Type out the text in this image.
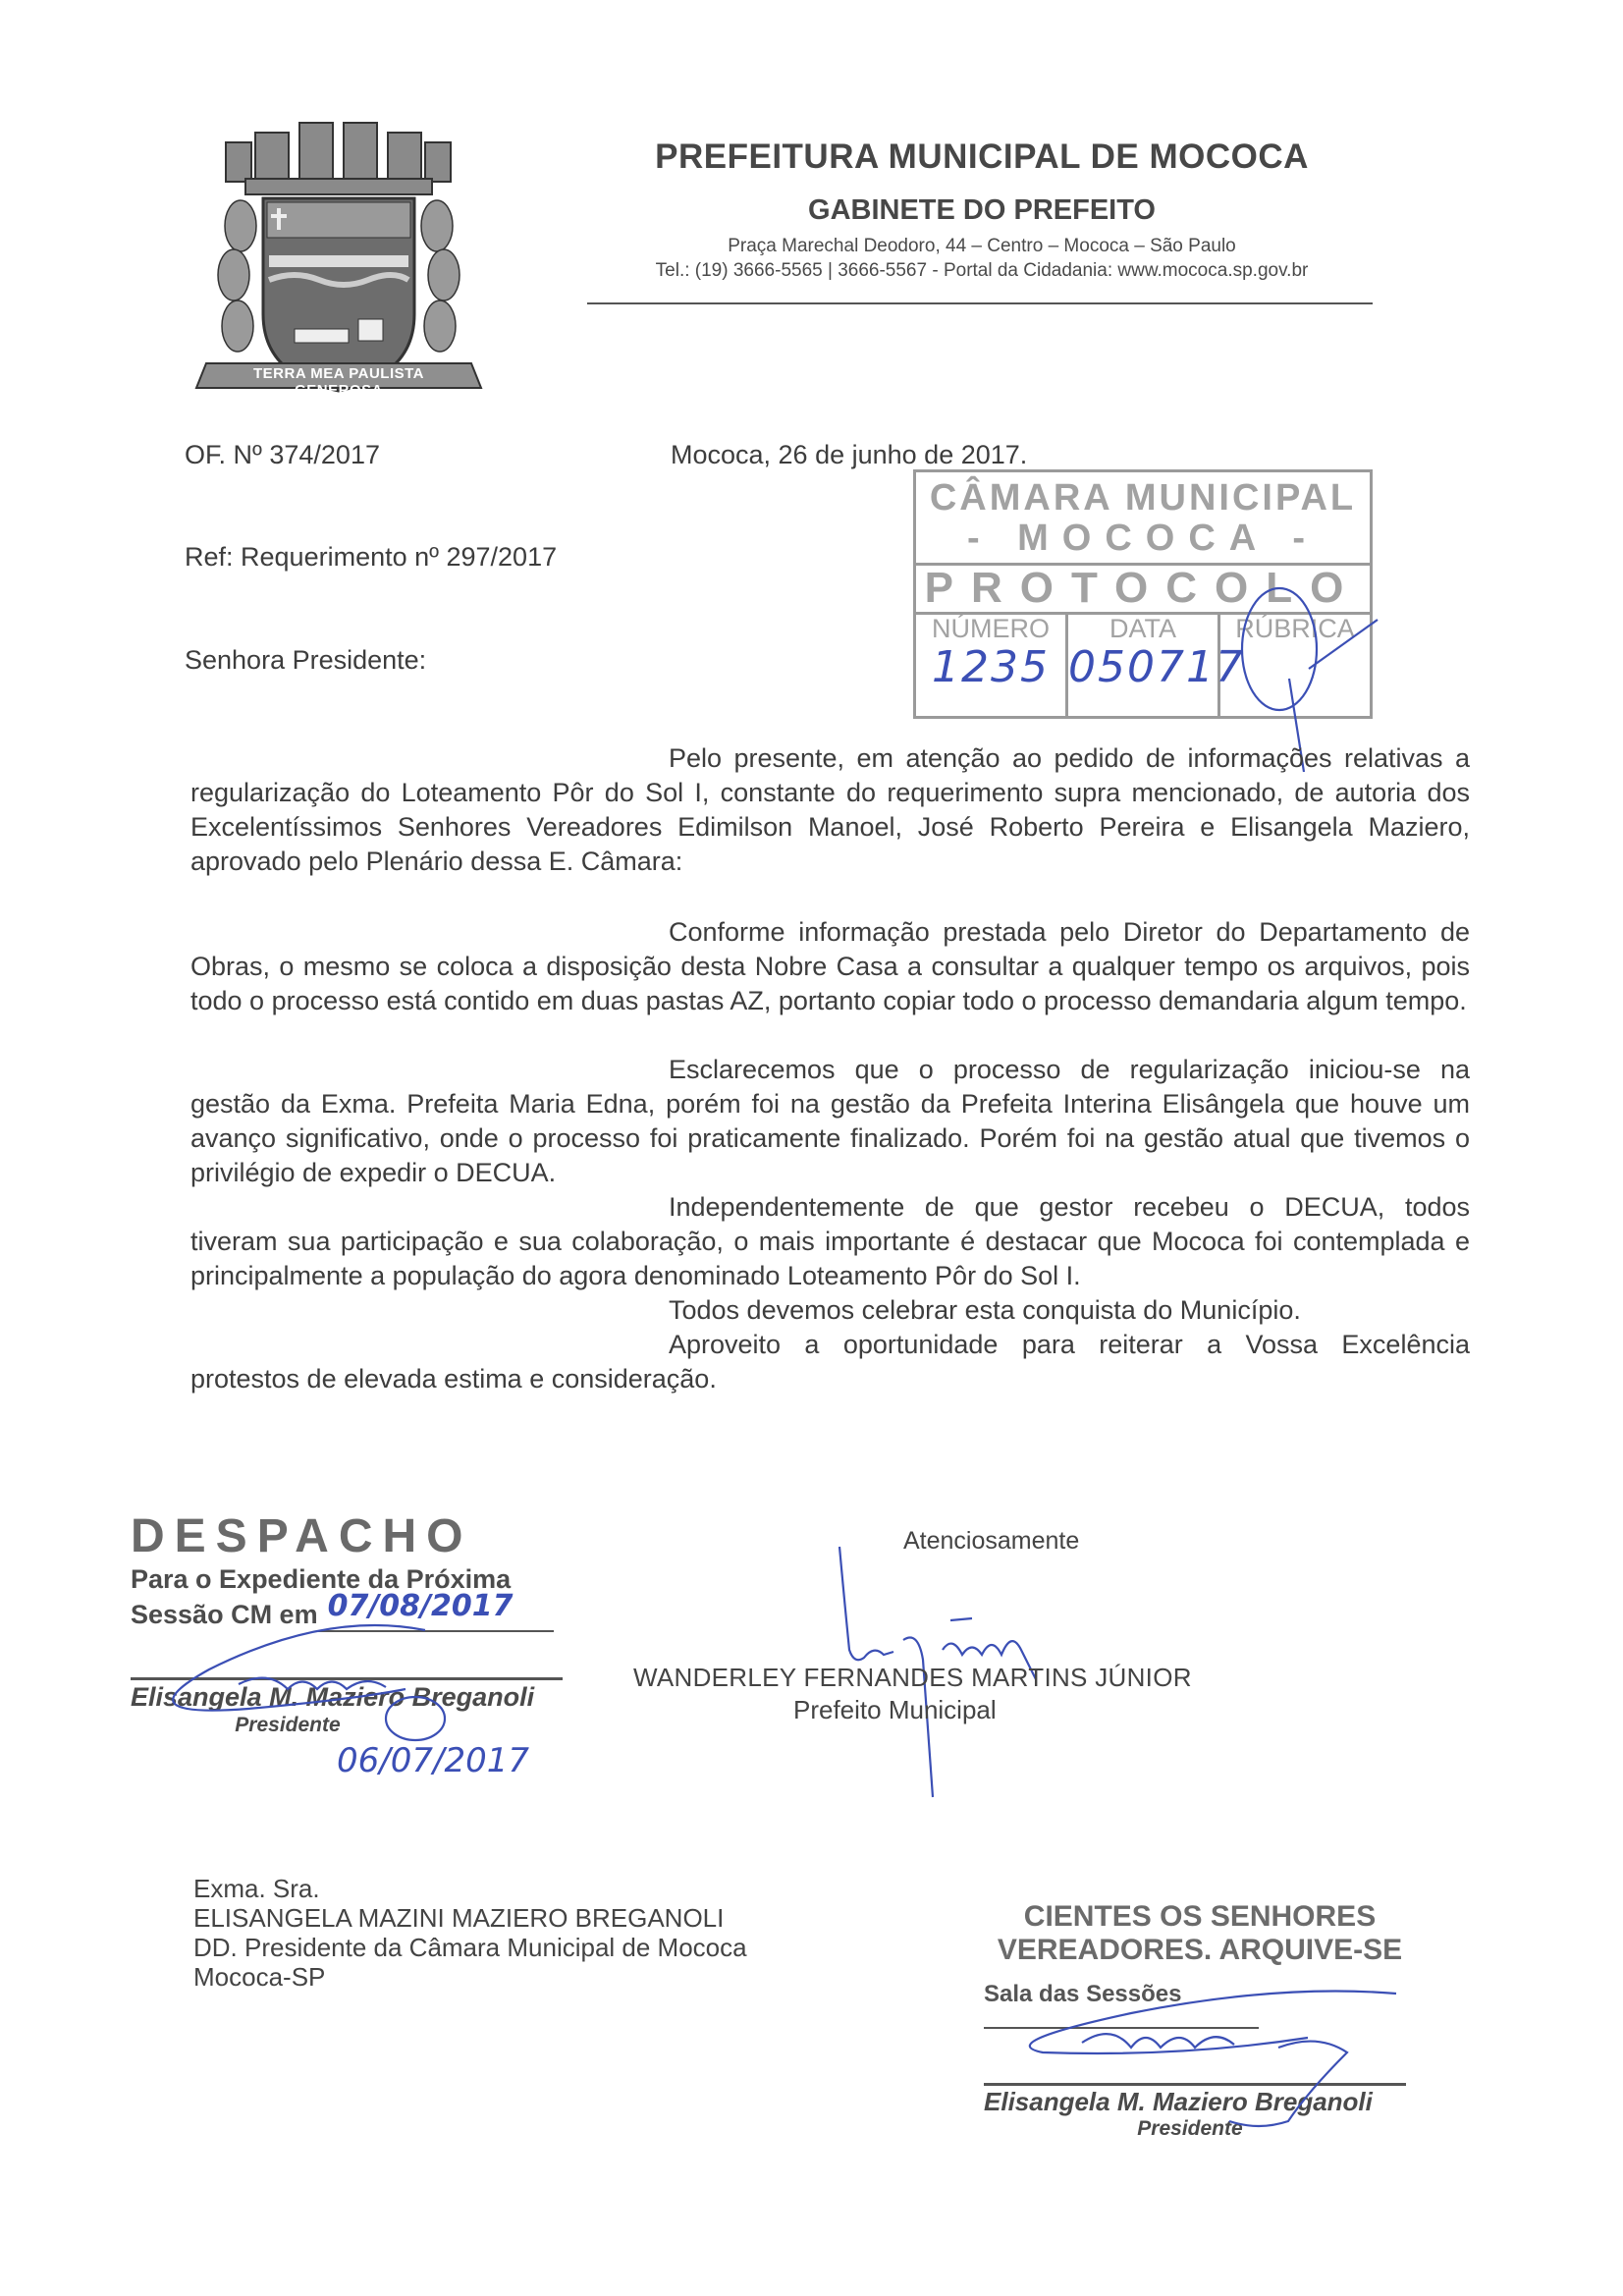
TERRA MEA PAULISTA GENEROSA
PREFEITURA MUNICIPAL DE MOCOCA
GABINETE DO PREFEITO
Praça Marechal Deodoro, 44 – Centro – Mococa – São Paulo
Tel.: (19) 3666-5565 | 3666-5567 - Portal da Cidadania: www.mococa.sp.gov.br
OF. Nº 374/2017	Mococa, 26 de junho de 2017.
Ref: Requerimento nº 297/2017
Senhora Presidente:
CÂMARA MUNICIPAL
- MOCOCA -
PROTOCOLO
NÚMERO
1235
DATA
050717
RÚBRICA
Pelo presente, em atenção ao pedido de informações relativas a regularização do Loteamento Pôr do Sol I, constante do requerimento supra mencionado, de autoria dos Excelentíssimos Senhores Vereadores Edimilson Manoel, José Roberto Pereira e Elisangela Maziero, aprovado pelo Plenário dessa E. Câmara:
Conforme informação prestada pelo Diretor do Departamento de Obras, o mesmo se coloca a disposição desta Nobre Casa a consultar a qualquer tempo os arquivos, pois todo o processo está contido em duas pastas AZ, portanto copiar todo o processo demandaria algum tempo.
Esclarecemos que o processo de regularização iniciou-se na gestão da Exma. Prefeita Maria Edna, porém foi na gestão da Prefeita Interina Elisângela que houve um avanço significativo, onde o processo foi praticamente finalizado. Porém foi na gestão atual que tivemos o privilégio de expedir o DECUA.
Independentemente de que gestor recebeu o DECUA, todos tiveram sua participação e sua colaboração, o mais importante é destacar que Mococa foi contemplada e principalmente a população do agora denominado Loteamento Pôr do Sol I.
Todos devemos celebrar esta conquista do Município.
Aproveito a oportunidade para reiterar a Vossa Excelência protestos de elevada estima e consideração.
DESPACHO
Para o Expediente da Próxima
Sessão CM em 07/08/2017
Elisangela M. Maziero Breganoli
Presidente
06/07/2017
Atenciosamente
WANDERLEY FERNANDES MARTINS JÚNIOR
Prefeito Municipal
Exma. Sra.
ELISANGELA MAZINI MAZIERO BREGANOLI
DD. Presidente da Câmara Municipal de Mococa
Mococa-SP
CIENTES OS SENHORES
VEREADORES. ARQUIVE-SE
Sala das Sessões
Elisangela M. Maziero Breganoli
Presidente
